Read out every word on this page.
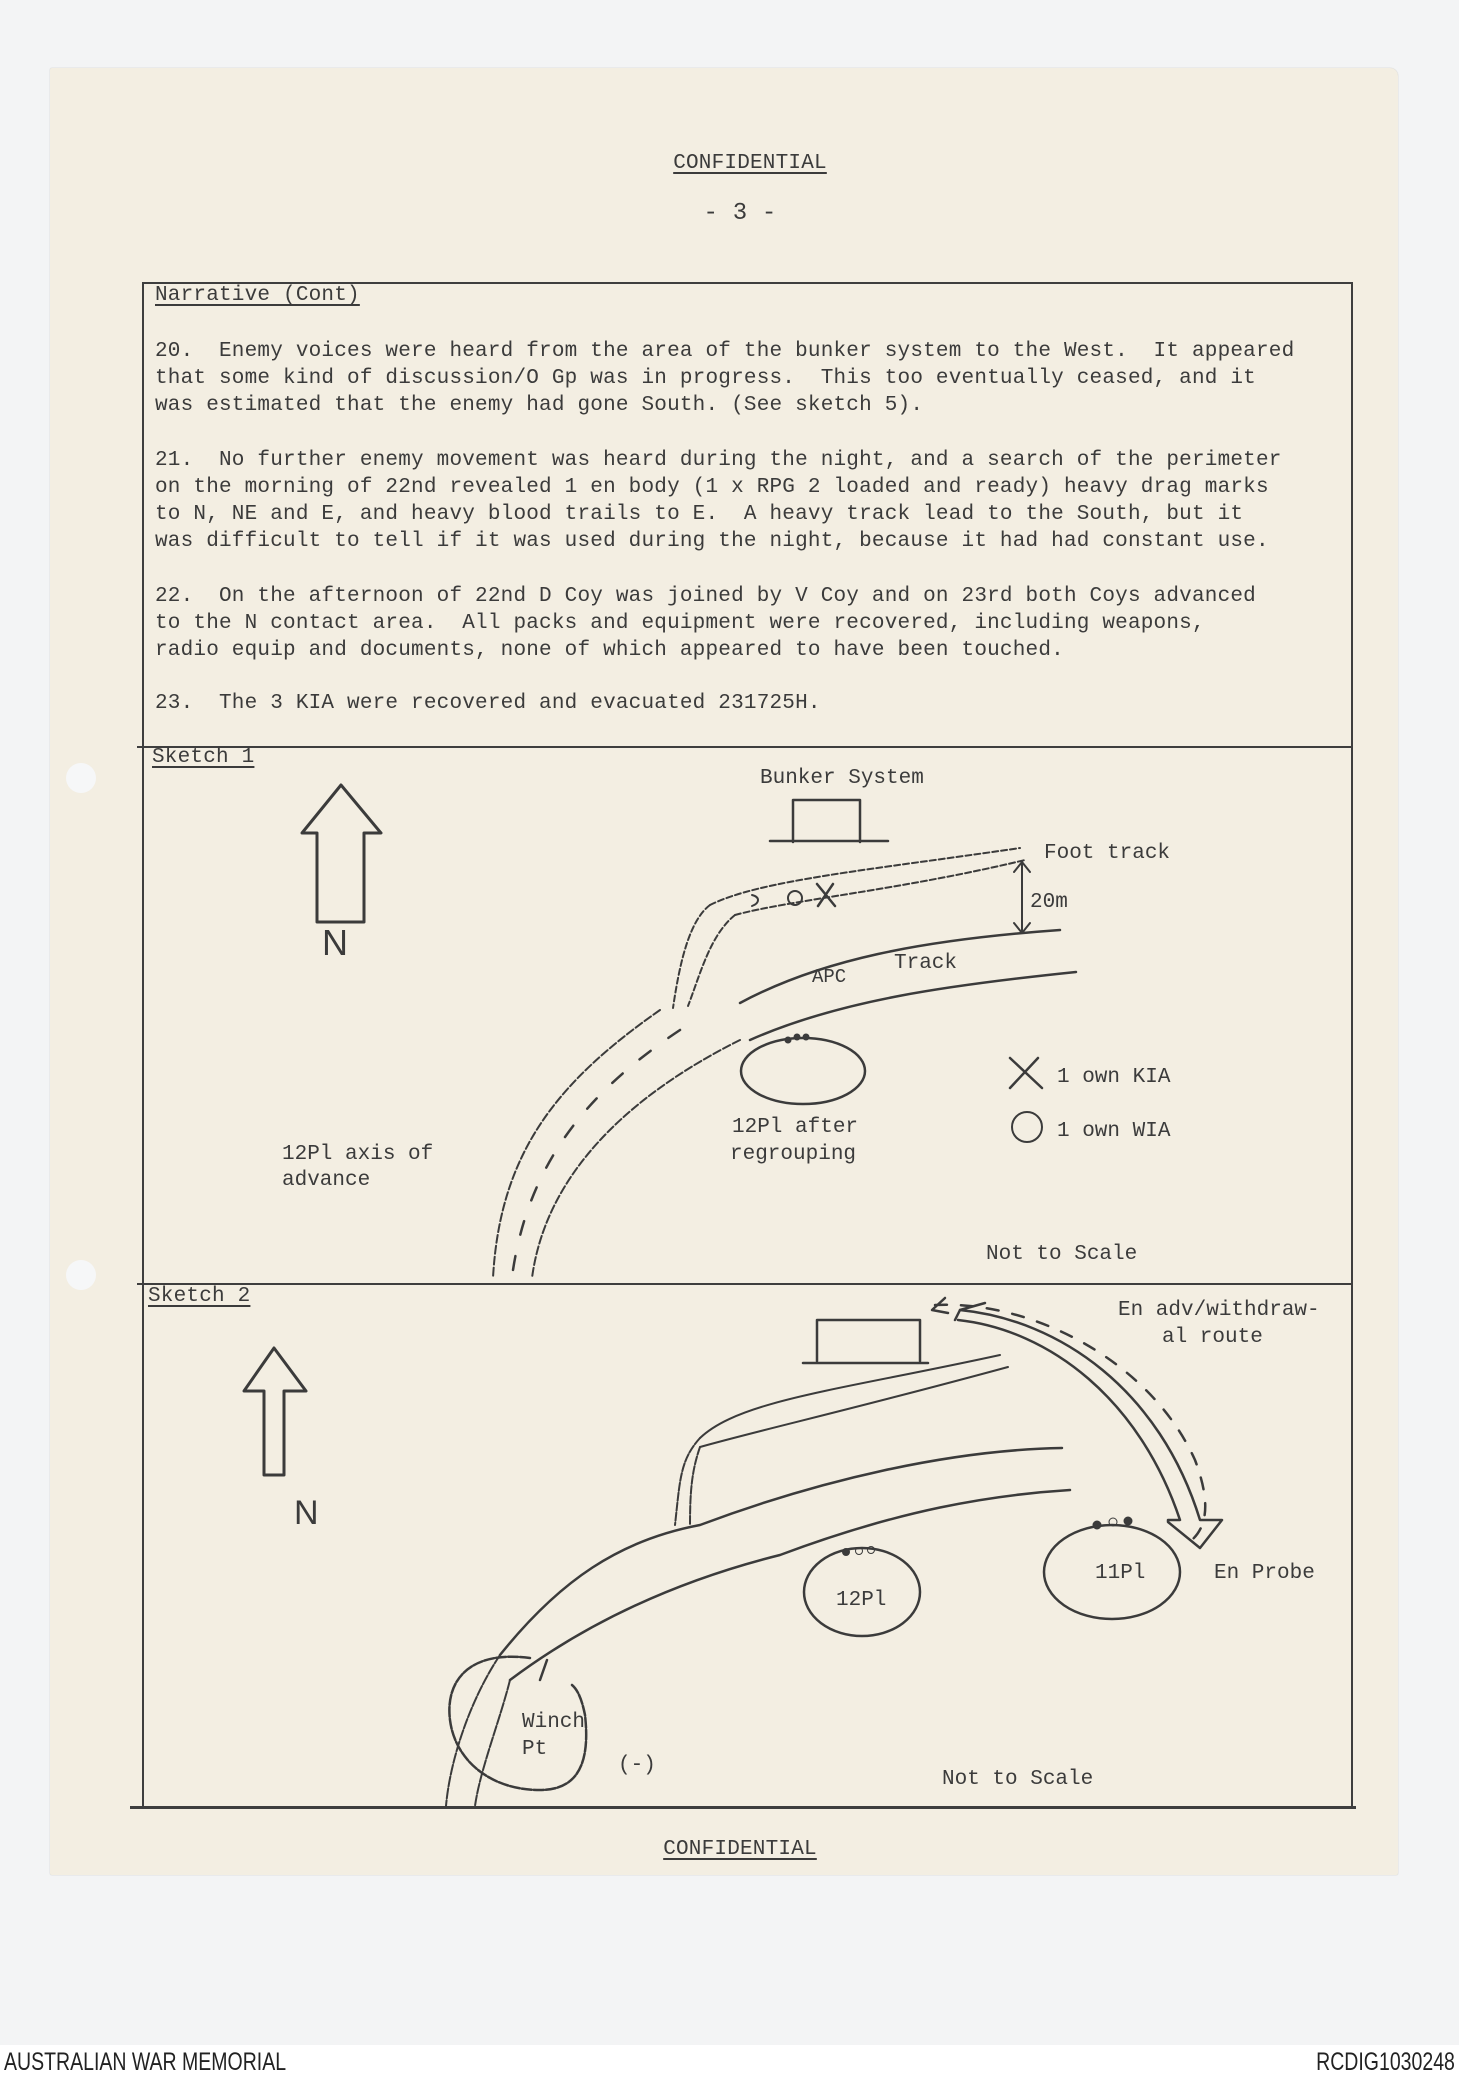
CONFIDENTIAL
- 3 -
Narrative (Cont)
20.  Enemy voices were heard from the area of the bunker system to the West.  It appeared
that some kind of discussion/O Gp was in progress.  This too eventually ceased, and it
was estimated that the enemy had gone South. (See sketch 5).
21.  No further enemy movement was heard during the night, and a search of the perimeter
on the morning of 22nd revealed 1 en body (1 x RPG 2 loaded and ready) heavy drag marks
to N, NE and E, and heavy blood trails to E.  A heavy track lead to the South, but it
was difficult to tell if it was used during the night, because it had had constant use.
22.  On the afternoon of 22nd D Coy was joined by V Coy and on 23rd both Coys advanced
to the N contact area.  All packs and equipment were recovered, including weapons,
radio equip and documents, none of which appeared to have been touched.
23.  The 3 KIA were recovered and evacuated 231725H.
Sketch 1
N
Bunker System
Foot track
20m
Track
APC
12Pl after
regrouping
12Pl axis of
advance
1 own KIA
1 own WIA
Not to Scale
Sketch 2
N
En adv/withdraw-
al route
12Pl
11Pl	En Probe
Winch
Pt
(-)
Not to Scale
CONFIDENTIAL
AUSTRALIAN WAR MEMORIAL	RCDIG1030248
